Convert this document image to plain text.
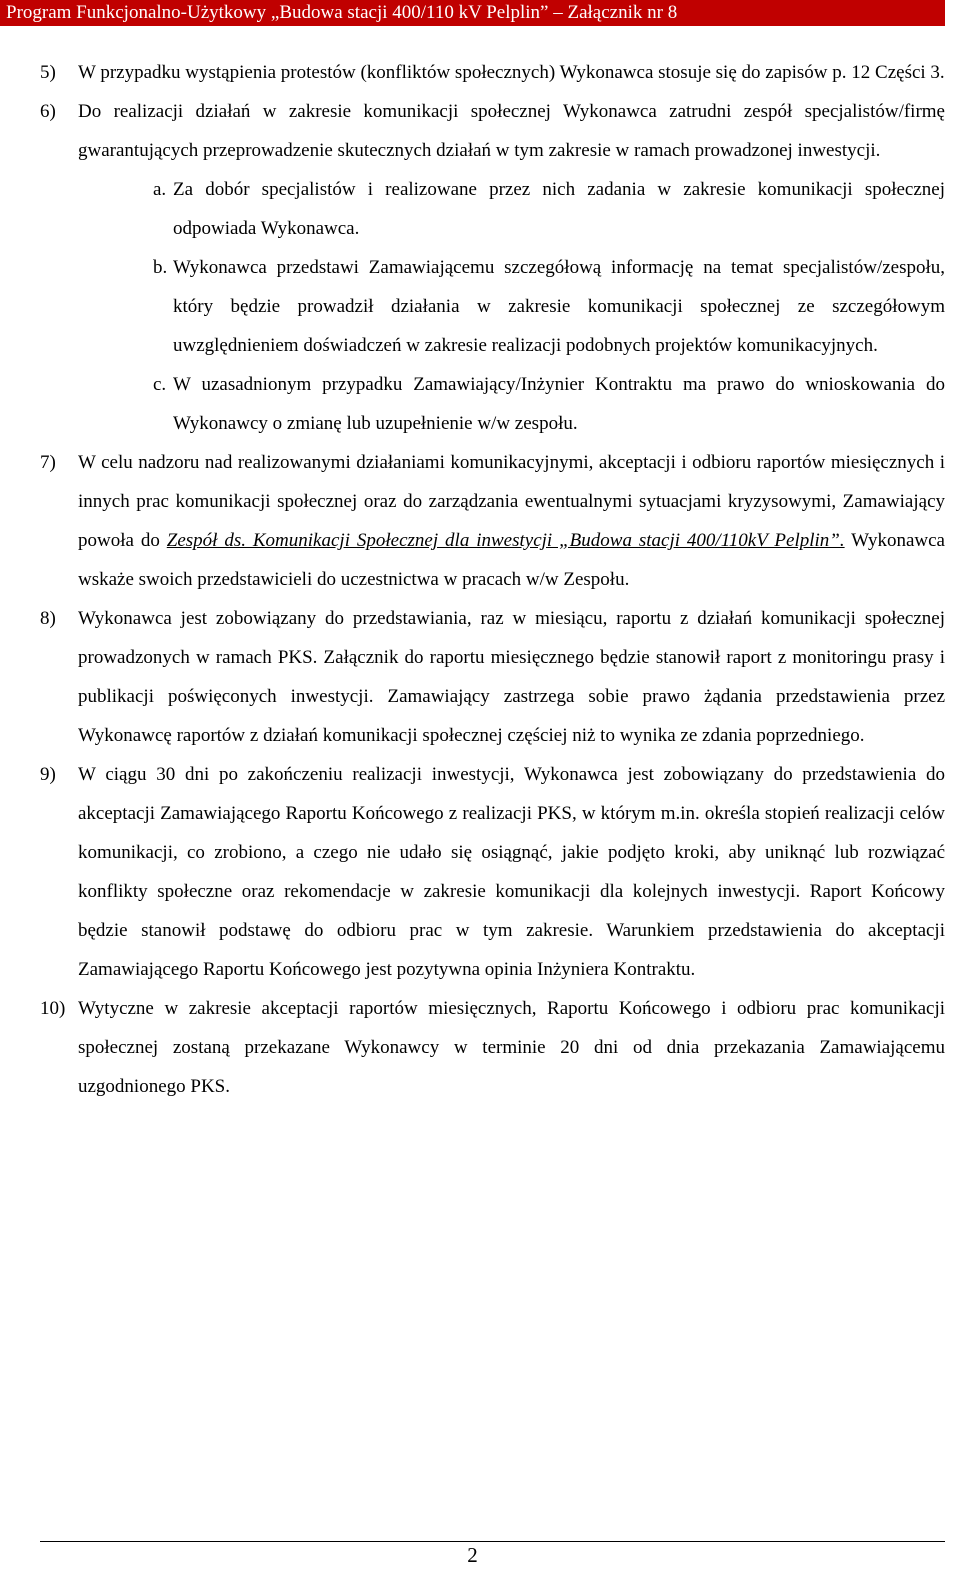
Program Funkcjonalno-Użytkowy „Budowa stacji 400/110 kV Pelplin” – Załącznik nr 8
5)	W przypadku wystąpienia protestów (konfliktów społecznych) Wykonawca stosuje się do zapisów p. 12 Części 3.
6)	Do realizacji działań w zakresie komunikacji społecznej Wykonawca zatrudni zespół specjalistów/firmę gwarantujących przeprowadzenie skutecznych działań w tym zakresie w ramach prowadzonej inwestycji.
a. Za dobór specjalistów i realizowane przez nich zadania w zakresie komunikacji społecznej odpowiada Wykonawca.
b. Wykonawca przedstawi Zamawiającemu szczegółową informację na temat specjalistów/zespołu, który będzie prowadził działania w zakresie komunikacji społecznej ze szczegółowym uwzględnieniem doświadczeń w zakresie realizacji podobnych projektów komunikacyjnych.
c. W uzasadnionym przypadku Zamawiający/Inżynier Kontraktu ma prawo do wnioskowania do Wykonawcy o zmianę lub uzupełnienie w/w zespołu.
7)	W celu nadzoru nad realizowanymi działaniami komunikacyjnymi, akceptacji i odbioru raportów miesięcznych i innych prac komunikacji społecznej oraz do zarządzania ewentualnymi sytuacjami kryzysowymi, Zamawiający powoła do Zespół ds. Komunikacji Społecznej dla inwestycji „Budowa stacji 400/110kV Pelplin”. Wykonawca wskaże swoich przedstawicieli do uczestnictwa w pracach w/w Zespołu.
8)	Wykonawca jest zobowiązany do przedstawiania, raz w miesiącu, raportu z działań komunikacji społecznej prowadzonych w ramach PKS. Załącznik do raportu miesięcznego będzie stanowił raport z monitoringu prasy i publikacji poświęconych inwestycji. Zamawiający zastrzega sobie prawo żądania przedstawienia przez Wykonawcę raportów z działań komunikacji społecznej częściej niż to wynika ze zdania poprzedniego.
9)	W ciągu 30 dni po zakończeniu realizacji inwestycji, Wykonawca jest zobowiązany do przedstawienia do akceptacji Zamawiającego Raportu Końcowego z realizacji PKS, w którym m.in. określa stopień realizacji celów komunikacji, co zrobiono, a czego nie udało się osiągnąć, jakie podjęto kroki, aby uniknąć lub rozwiązać konflikty społeczne oraz rekomendacje w zakresie komunikacji dla kolejnych inwestycji. Raport Końcowy będzie stanowił podstawę do odbioru prac w tym zakresie. Warunkiem przedstawienia do akceptacji Zamawiającego Raportu Końcowego jest pozytywna opinia Inżyniera Kontraktu.
10) Wytyczne w zakresie akceptacji raportów miesięcznych, Raportu Końcowego i odbioru prac komunikacji społecznej zostaną przekazane Wykonawcy w terminie 20 dni od dnia przekazania Zamawiającemu uzgodnionego PKS.
2
